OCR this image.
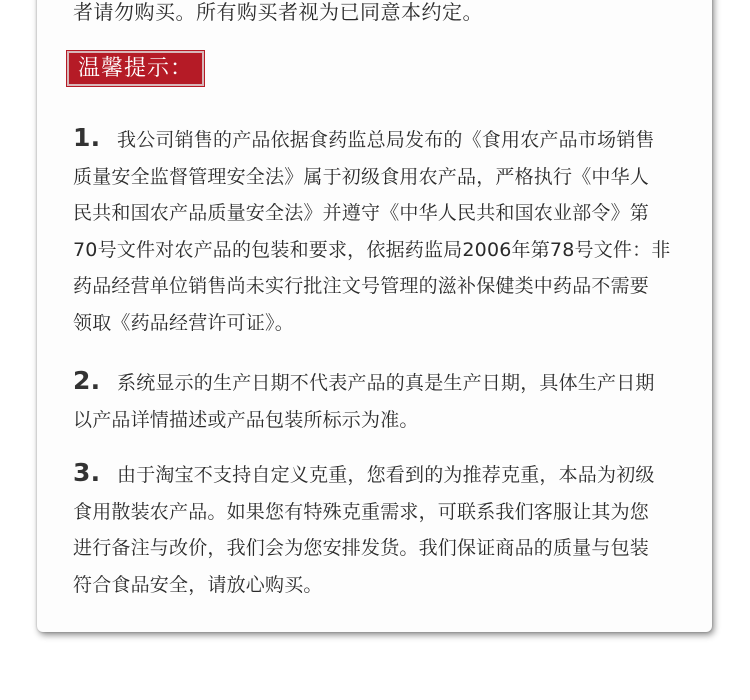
者请勿购买。所有购买者视为已同意本约定。
温馨提示：
1. 我公司销售的产品依据食药监总局发布的《食用农产品市场销售
质量安全监督管理安全法》属于初级食用农产品，严格执行《中华人
民共和国农产品质量安全法》并遵守《中华人民共和国农业部令》第
70号文件对农产品的包装和要求，依据药监局2006年第78号文件：非
药品经营单位销售尚未实行批注文号管理的滋补保健类中药品不需要
领取《药品经营许可证》。
2. 系统显示的生产日期不代表产品的真是生产日期，具体生产日期
以产品详情描述或产品包装所标示为准。
3. 由于淘宝不支持自定义克重，您看到的为推荐克重，本品为初级
食用散装农产品。如果您有特殊克重需求，可联系我们客服让其为您
进行备注与改价，我们会为您安排发货。我们保证商品的质量与包装
符合食品安全，请放心购买。
